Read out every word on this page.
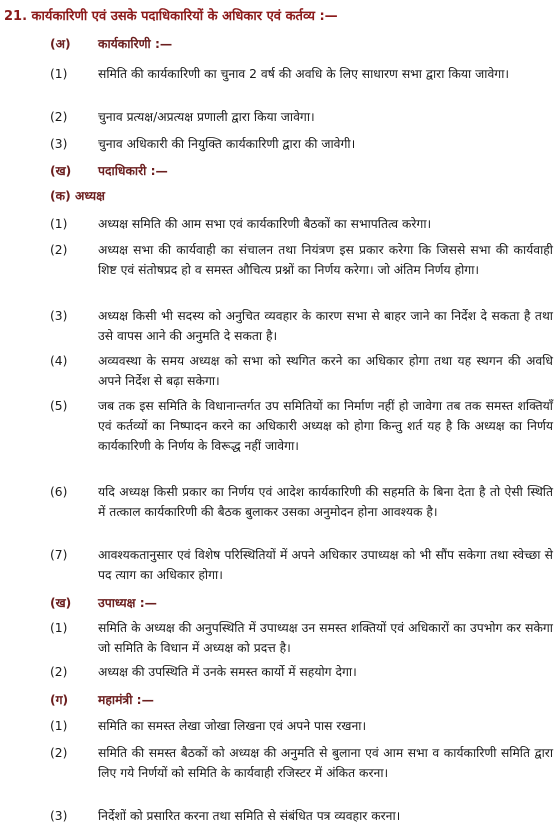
21. कार्यकारिणी एवं उसके पदाधिकारियों के अधिकार एवं कर्तव्य :—
(अ) कार्यकारिणी :—
(1) समिति की कार्यकारिणी का चुनाव 2 वर्ष की अवधि के लिए साधारण सभा द्वारा किया जावेगा।
(2) चुनाव प्रत्यक्ष/अप्रत्यक्ष प्रणाली द्वारा किया जावेगा।
(3) चुनाव अधिकारी की नियुक्ति कार्यकारिणी द्वारा की जावेगी।
(ख) पदाधिकारी :—
(क) अध्यक्ष
(1) अध्यक्ष समिति की आम सभा एवं कार्यकारिणी बैठकों का सभापतित्व करेगा।
(2) अध्यक्ष सभा की कार्यवाही का संचालन तथा नियंत्रण इस प्रकार करेगा कि जिससे सभा की कार्यवाही शिष्ट एवं संतोषप्रद हो व समस्त औचित्य प्रश्नों का निर्णय करेगा। जो अंतिम निर्णय होगा।
(3) अध्यक्ष किसी भी सदस्य को अनुचित व्यवहार के कारण सभा से बाहर जाने का निर्देश दे सकता है तथा उसे वापस आने की अनुमति दे सकता है।
(4) अव्यवस्था के समय अध्यक्ष को सभा को स्थगित करने का अधिकार होगा तथा यह स्थगन की अवधि अपने निर्देश से बढ़ा सकेगा।
(5) जब तक इस समिति के विधानान्तर्गत उप समितियों का निर्माण नहीं हो जावेगा तब तक समस्त शक्तियाँ एवं कर्तव्यों का निष्पादन करने का अधिकारी अध्यक्ष को होगा किन्तु शर्त यह है कि अध्यक्ष का निर्णय कार्यकारिणी के निर्णय के विरूद्ध नहीं जावेगा।
(6) यदि अध्यक्ष किसी प्रकार का निर्णय एवं आदेश कार्यकारिणी की सहमति के बिना देता है तो ऐसी स्थिति में तत्काल कार्यकारिणी की बैठक बुलाकर उसका अनुमोदन होना आवश्यक है।
(7) आवश्यकतानुसार एवं विशेष परिस्थितियों में अपने अधिकार उपाध्यक्ष को भी सौंप सकेगा तथा स्वेच्छा से पद त्याग का अधिकार होगा।
(ख) उपाध्यक्ष :—
(1) समिति के अध्यक्ष की अनुपस्थिति में उपाध्यक्ष उन समस्त शक्तियों एवं अधिकारों का उपभोग कर सकेगा जो समिति के विधान में अध्यक्ष को प्रदत्त है।
(2) अध्यक्ष की उपस्थिति में उनके समस्त कार्यो में सहयोग देगा।
(ग) महामंत्री :—
(1) समिति का समस्त लेखा जोखा लिखना एवं अपने पास रखना।
(2) समिति की समस्त बैठकों को अध्यक्ष की अनुमति से बुलाना एवं आम सभा व कार्यकारिणी समिति द्वारा लिए गये निर्णयों को समिति के कार्यवाही रजिस्टर में अंकित करना।
(3) निर्देशों को प्रसारित करना तथा समिति से संबंधित पत्र व्यवहार करना।
